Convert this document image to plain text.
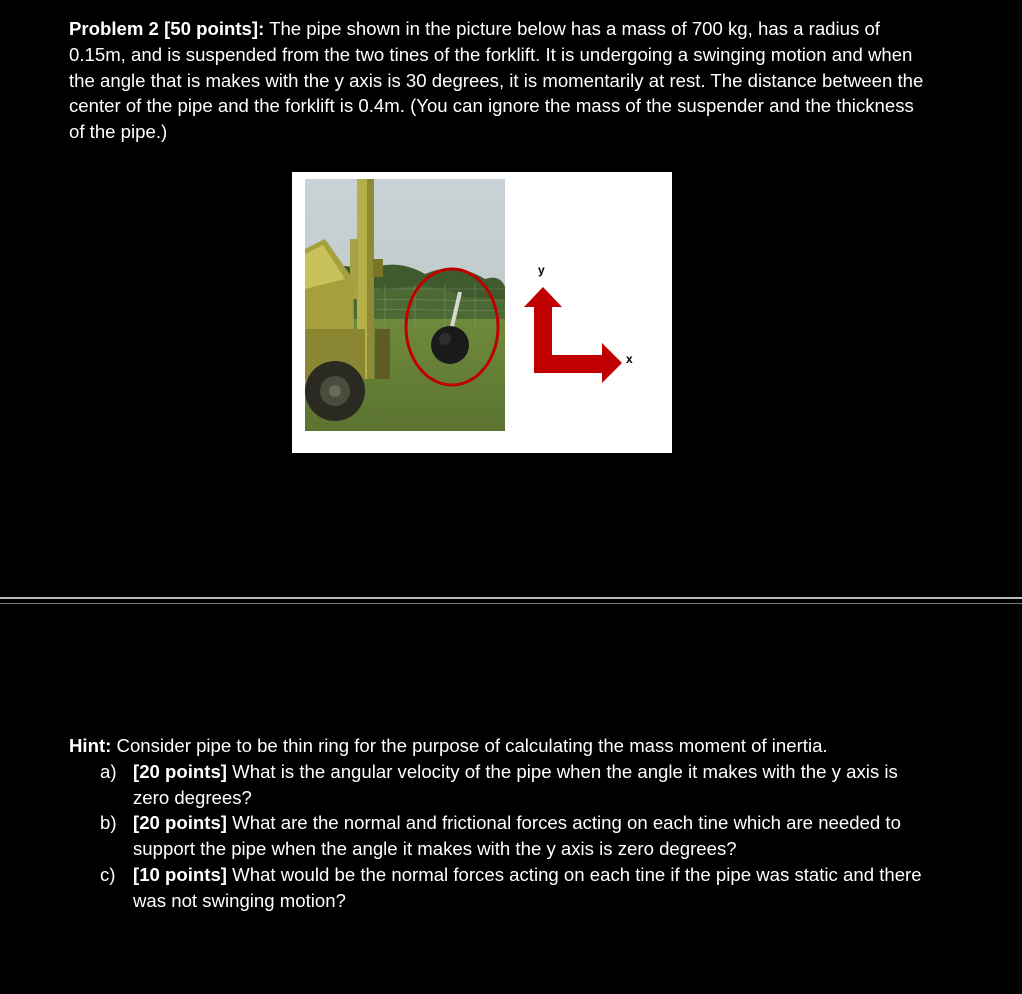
Problem 2 [50 points]: The pipe shown in the picture below has a mass of 700 kg, has a radius of 0.15m, and is suspended from the two tines of the forklift. It is undergoing a swinging motion and when the angle that is makes with the y axis is 30 degrees, it is momentarily at rest. The distance between the center of the pipe and the forklift is 0.4m. (You can ignore the mass of the suspender and the thickness of the pipe.)

y
x

Hint: Consider pipe to be thin ring for the purpose of calculating the mass moment of inertia.

a) [20 points] What is the angular velocity of the pipe when the angle it makes with the y axis is zero degrees?
b) [20 points] What are the normal and frictional forces acting on each tine which are needed to support the pipe when the angle it makes with the y axis is zero degrees?
c) [10 points] What would be the normal forces acting on each tine if the pipe was static and there was not swinging motion?
